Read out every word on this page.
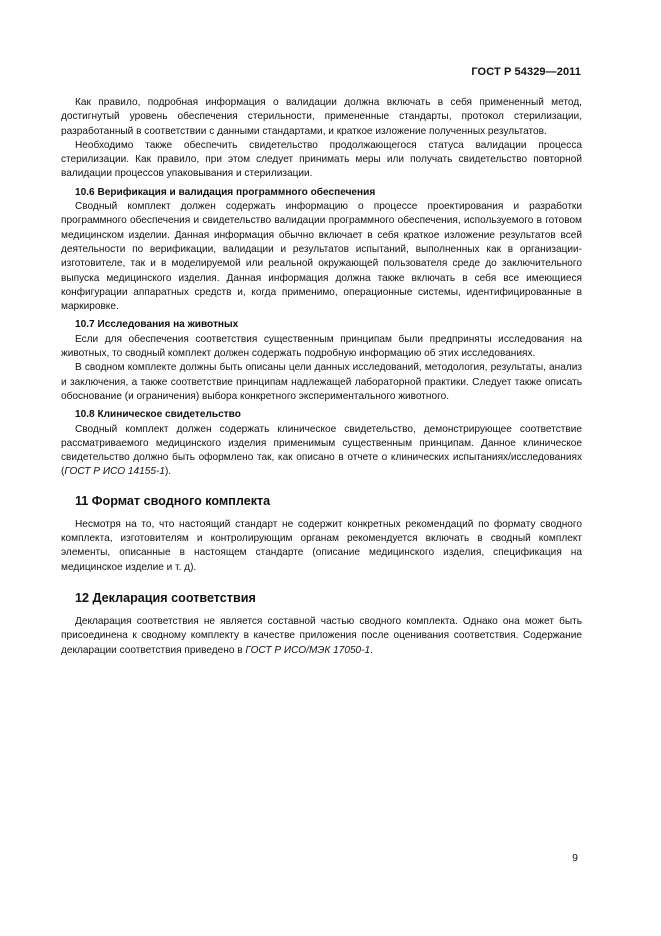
ГОСТ Р 54329—2011

Как правило, подробная информация о валидации должна включать в себя примененный метод, достигнутый уровень обеспечения стерильности, примененные стандарты, протокол стерилизации, разработанный в соответствии с данными стандартами, и краткое изложение полученных результатов.

Необходимо также обеспечить свидетельство продолжающегося статуса валидации процесса стерилизации. Как правило, при этом следует принимать меры или получать свидетельство повторной валидации процессов упаковывания и стерилизации.

10.6 Верификация и валидация программного обеспечения

Сводный комплект должен содержать информацию о процессе проектирования и разработки программного обеспечения и свидетельство валидации программного обеспечения, используемого в готовом медицинском изделии. Данная информация обычно включает в себя краткое изложение результатов всей деятельности по верификации, валидации и результатов испытаний, выполненных как в организации-изготовителе, так и в моделируемой или реальной окружающей пользователя среде до заключительного выпуска медицинского изделия. Данная информация должна также включать в себя все имеющиеся конфигурации аппаратных средств и, когда применимо, операционные системы, идентифицированные в маркировке.

10.7 Исследования на животных

Если для обеспечения соответствия существенным принципам были предприняты исследования на животных, то сводный комплект должен содержать подробную информацию об этих исследованиях.

В сводном комплекте должны быть описаны цели данных исследований, методология, результаты, анализ и заключения, а также соответствие принципам надлежащей лабораторной практики. Следует также описать обоснование (и ограничения) выбора конкретного экспериментального животного.

10.8 Клиническое свидетельство

Сводный комплект должен содержать клиническое свидетельство, демонстрирующее соответствие рассматриваемого медицинского изделия применимым существенным принципам. Данное клиническое свидетельство должно быть оформлено так, как описано в отчете о клинических испытаниях/исследованиях (ГОСТ Р ИСО 14155-1).

11 Формат сводного комплекта

Несмотря на то, что настоящий стандарт не содержит конкретных рекомендаций по формату сводного комплекта, изготовителям и контролирующим органам рекомендуется включать в сводный комплект элементы, описанные в настоящем стандарте (описание медицинского изделия, спецификация на медицинское изделие и т. д).

12 Декларация соответствия

Декларация соответствия не является составной частью сводного комплекта. Однако она может быть присоединена к сводному комплекту в качестве приложения после оценивания соответствия. Содержание декларации соответствия приведено в ГОСТ Р ИСО/МЭК 17050-1.

9
